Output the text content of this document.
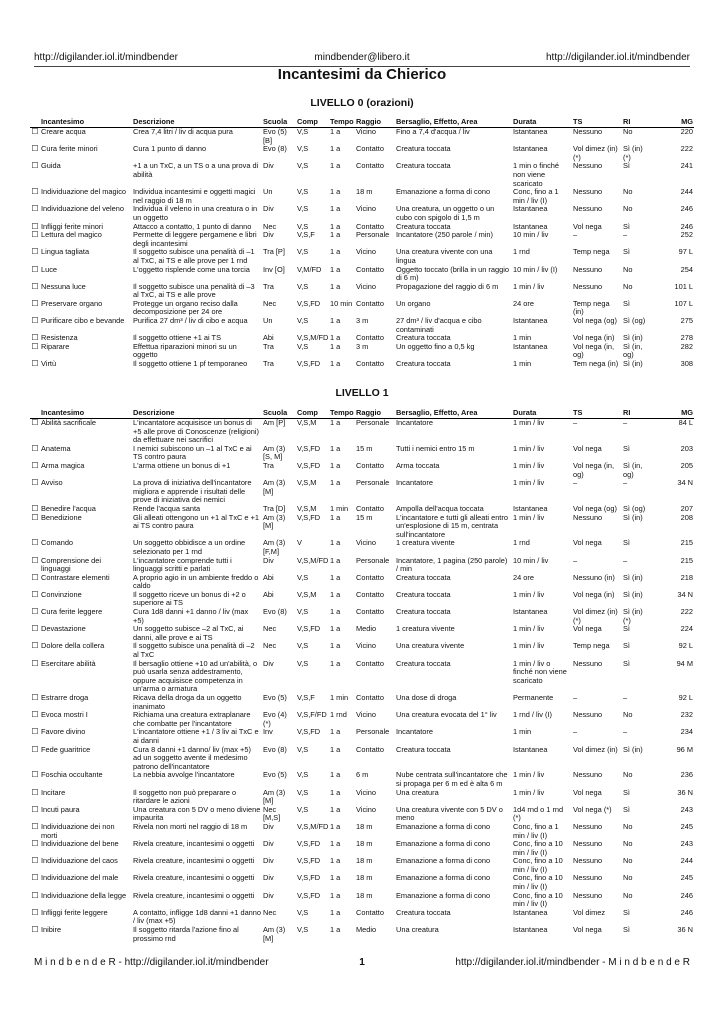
http://digilander.iol.it/mindbender	mindbender@libero.it	http://digilander.iol.it/mindbender
Incantesimi da Chierico
LIVELLO 0 (orazioni)
	Incantesimo	Descrizione	Scuola	Comp	Tempo	Raggio	Bersaglio, Effetto, Area	Durata	TS	RI	MG
☐	Creare acqua	Crea 7,4 litri / liv di acqua pura	Evo (5) [B]	V,S	1 a	Vicino	Fino a 7,4 d'acqua / liv	Istantanea	Nessuno	No	220
☐	Cura ferite minori	Cura 1 punto di danno	Evo (8)	V,S	1 a	Contatto	Creatura toccata	Istantanea	Vol dimez (in) (*)	Sì (in) (*)	222
☐	Guida	+1 a un TxC, a un TS o a una prova di abilità	Div	V,S	1 a	Contatto	Creatura toccata	1 min o finché non viene scaricato	Nessuno	Sì	241
☐	Individuazione del magico	Individua incantesimi e oggetti magici nel raggio di 18 m	Un	V,S	1 a	18 m	Emanazione a forma di cono	Conc, fino a 1 min / liv (I)	Nessuno	No	244
☐	Individuazione del veleno	Individua il veleno in una creatura o in un oggetto	Div	V,S	1 a	Vicino	Una creatura, un oggetto o un cubo con spigolo di 1,5 m	Istantanea	Nessuno	No	246
☐	Infliggi ferite minori	Attacco a contatto, 1 punto di danno	Nec	V,S	1 a	Contatto	Creatura toccata	Istantanea	Vol nega	Sì	246
☐	Lettura del magico	Permette di leggere pergamene e libri degli incantesimi	Div	V,S,F	1 a	Personale	Incantatore (250 parole / min)	10 min / liv	–	–	252
☐	Lingua tagliata	Il soggetto subisce una penalità di –1 al TxC, ai TS e alle prove per 1 rnd	Tra [P]	V,S	1 a	Vicino	Una creatura vivente con una lingua	1 rnd	Temp nega	Sì	97 L
☐	Luce	L'oggetto risplende come una torcia	Inv [O]	V,M/FD	1 a	Contatto	Oggetto toccato (brilla in un raggio di 6 m)	10 min / liv (I)	Nessuno	No	254
☐	Nessuna luce	Il soggetto subisce una penalità di –3 al TxC, ai TS e alle prove	Tra	V,S	1 a	Vicino	Propagazione del raggio di 6 m	1 min / liv	Nessuno	No	101 L
☐	Preservare organo	Protegge un organo reciso dalla decomposizione per 24 ore	Nec	V,S,FD	10 min	Contatto	Un organo	24 ore	Temp nega (in)	Sì	107 L
☐	Purificare cibo e bevande	Purifica 27 dm³ / liv di cibo e acqua	Un	V,S	1 a	3 m	27 dm³ / liv d'acqua e cibo contaminati	Istantanea	Vol nega (og)	Sì (og)	275
☐	Resistenza	Il soggetto ottiene +1 ai TS	Abi	V,S,M/FD	1 a	Contatto	Creatura toccata	1 min	Vol nega (in)	Sì (in)	278
☐	Riparare	Effettua riparazioni minori su un oggetto	Tra	V,S	1 a	3 m	Un oggetto fino a 0,5 kg	Istantanea	Vol nega (in, og)	Sì (in, og)	282
☐	Virtù	Il soggetto ottiene 1 pf temporaneo	Tra	V,S,FD	1 a	Contatto	Creatura toccata	1 min	Tem nega (in)	Sì (in)	308
LIVELLO 1
	Incantesimo	Descrizione	Scuola	Comp	Tempo	Raggio	Bersaglio, Effetto, Area	Durata	TS	RI	MG
☐	Abilità sacrificale	L'incantatore acquisisce un bonus di +5 alle prove di Conoscenze (religioni) da effettuare nei sacrifici	Am [P]	V,S,M	1 a	Personale	Incantatore	1 min / liv	–	–	84 L
☐	Anatema	I nemici subiscono un –1 al TxC e ai TS contro paura	Am (3) [S, M]	V,S,FD	1 a	15 m	Tutti i nemici entro 15 m	1 min / liv	Vol nega	Sì	203
☐	Arma magica	L'arma ottiene un bonus di +1	Tra	V,S,FD	1 a	Contatto	Arma toccata	1 min / liv	Vol nega (in, og)	Sì (in, og)	205
☐	Avviso	La prova di iniziativa dell'incantatore migliora e apprende i risultati delle prove di iniziativa dei nemici	Am (3) [M]	V,S,M	1 a	Personale	Incantatore	1 min / liv	–	–	34 N
☐	Benedire l'acqua	Rende l'acqua santa	Tra [D]	V,S,M	1 min	Contatto	Ampolla dell'acqua toccata	Istantanea	Vol nega (og)	Sì (og)	207
☐	Benedizione	Gli alleati ottengono un +1 al TxC e +1 ai TS contro paura	Am (3) [M]	V,S,FD	1 a	15 m	L'incantatore e tutti gli alleati entro un'esplosione di 15 m, centrata sull'incantatore	1 min / liv	Nessuno	Sì (in)	208
☐	Comando	Un soggetto obbidisce a un ordine selezionato per 1 rnd	Am (3) [F,M]	V	1 a	Vicino	1 creatura vivente	1 rnd	Vol nega	Sì	215
☐	Comprensione dei linguaggi	L'incantatore comprende tutti i linguaggi scritti e parlati	Div	V,S,M/FD	1 a	Personale	Incantatore, 1 pagina (250 parole) / min	10 min / liv	–	–	215
☐	Contrastare elementi	A proprio agio in un ambiente freddo o caldo	Abi	V,S	1 a	Contatto	Creatura toccata	24 ore	Nessuno (in)	Sì (in)	218
☐	Convinzione	Il soggetto riceve un bonus di +2 o superiore ai TS	Abi	V,S,M	1 a	Contatto	Creatura toccata	1 min / liv	Vol nega (in)	Sì (in)	34 N
☐	Cura ferite leggere	Cura 1d8 danni +1 danno / liv (max +5)	Evo (8)	V,S	1 a	Contatto	Creatura toccata	Istantanea	Vol dimez (in) (*)	Sì (in) (*)	222
☐	Devastazione	Un soggetto subisce –2 al TxC, ai danni, alle prove e ai TS	Nec	V,S,FD	1 a	Medio	1 creatura vivente	1 min / liv	Vol nega	Sì	224
☐	Dolore della collera	Il soggetto subisce una penalità di –2 al TxC	Nec	V,S	1 a	Vicino	Una creatura vivente	1 min / liv	Temp nega	Sì	92 L
☐	Esercitare abilità	Il bersaglio ottiene +10 ad un'abilità, o può usarla senza addestramento, oppure acquisisce competenza in un'arma o armatura	Div	V,S	1 a	Contatto	Creatura toccata	1 min / liv o finché non viene scaricato	Nessuno	Sì	94 M
☐	Estrarre droga	Ricava della droga da un oggetto inanimato	Evo (5)	V,S,F	1 min	Contatto	Una dose di droga	Permanente	–	–	92 L
☐	Evoca mostri I	Richiama una creatura extraplanare che combatte per l'incantatore	Evo (4) (*)	V,S,F/FD	1 rnd	Vicino	Una creatura evocata del 1° liv	1 rnd / liv (I)	Nessuno	No	232
☐	Favore divino	L'incantatore ottiene +1 / 3 liv ai TxC e ai danni	Inv	V,S,FD	1 a	Personale	Incantatore	1 min	–	–	234
☐	Fede guaritrice	Cura 8 danni +1 danno/ liv (max +5) ad un soggetto avente il medesimo patrono dell'incantatore	Evo (8)	V,S	1 a	Contatto	Creatura toccata	Istantanea	Vol dimez (in)	Sì (in)	96 M
☐	Foschia occultante	La nebbia avvolge l'incantatore	Evo (5)	V,S	1 a	6 m	Nube centrata sull'incantatore che si propaga per 6 m ed è alta 6 m	1 min / liv	Nessuno	No	236
☐	Incitare	Il soggetto non può preparare o ritardare le azioni	Am (3) [M]	V,S	1 a	Vicino	Una creatura	1 min / liv	Vol nega	Sì	36 N
☐	Incuti paura	Una creatura con 5 DV o meno diviene impaurita	Nec [M,S]	V,S	1 a	Vicino	Una creatura vivente con 5 DV o meno	1d4 rnd o 1 rnd (*)	Vol nega (*)	Sì	243
☐	Individuazione dei non morti	Rivela non morti nel raggio di 18 m	Div	V,S,M/FD	1 a	18 m	Emanazione a forma di cono	Conc, fino a 1 min / liv (I)	Nessuno	No	245
☐	Individuazione del bene	Rivela creature, incantesimi o oggetti	Div	V,S,FD	1 a	18 m	Emanazione a forma di cono	Conc, fino a 10 min / liv (I)	Nessuno	No	243
☐	Individuazione del caos	Rivela creature, incantesimi o oggetti	Div	V,S,FD	1 a	18 m	Emanazione a forma di cono	Conc, fino a 10 min / liv (I)	Nessuno	No	244
☐	Individuazione del male	Rivela creature, incantesimi o oggetti	Div	V,S,FD	1 a	18 m	Emanazione a forma di cono	Conc, fino a 10 min / liv (I)	Nessuno	No	245
☐	Individuazione della legge	Rivela creature, incantesimi o oggetti	Div	V,S,FD	1 a	18 m	Emanazione a forma di cono	Conc, fino a 10 min / liv (I)	Nessuno	No	246
☐	Infliggi ferite leggere	A contatto, infligge 1d8 danni +1 danno / liv (max +5)	Nec	V,S	1 a	Contatto	Creatura toccata	Istantanea	Vol dimez	Sì	246
☐	Inibire	Il soggetto ritarda l'azione fino al prossimo rnd	Am (3) [M]	V,S	1 a	Medio	Una creatura	Istantanea	Vol nega	Sì	36 N
M i n d b e n d e R - http://digilander.iol.it/mindbender	1	http://digilander.iol.it/mindbender - M i n d b e n d e R
